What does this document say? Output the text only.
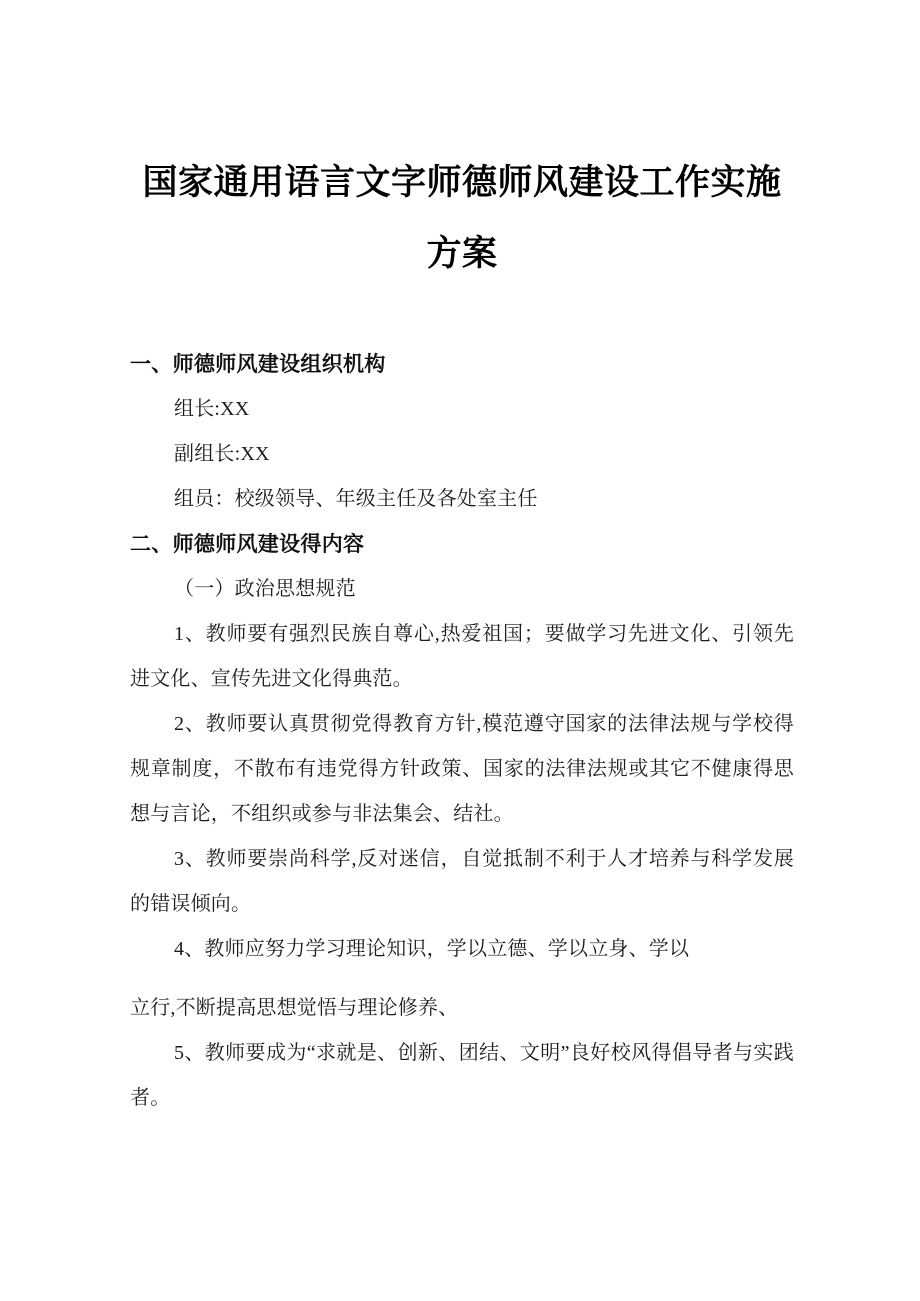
国家通用语言文字师德师风建设工作实施方案

一、师德师风建设组织机构

组长:XX

副组长:XX

组员：校级领导、年级主任及各处室主任

二、师德师风建设得内容

（一）政治思想规范

1、教师要有强烈民族自尊心,热爱祖国；要做学习先进文化、引领先进文化、宣传先进文化得典范。

2、教师要认真贯彻党得教育方针,模范遵守国家的法律法规与学校得规章制度，不散布有违党得方针政策、国家的法律法规或其它不健康得思想与言论，不组织或参与非法集会、结社。

3、教师要崇尚科学,反对迷信，自觉抵制不利于人才培养与科学发展的错误倾向。

4、教师应努力学习理论知识，学以立德、学以立身、学以
立行,不断提高思想觉悟与理论修养、

5、教师要成为“求就是、创新、团结、文明”良好校风得倡导者与实践者。
